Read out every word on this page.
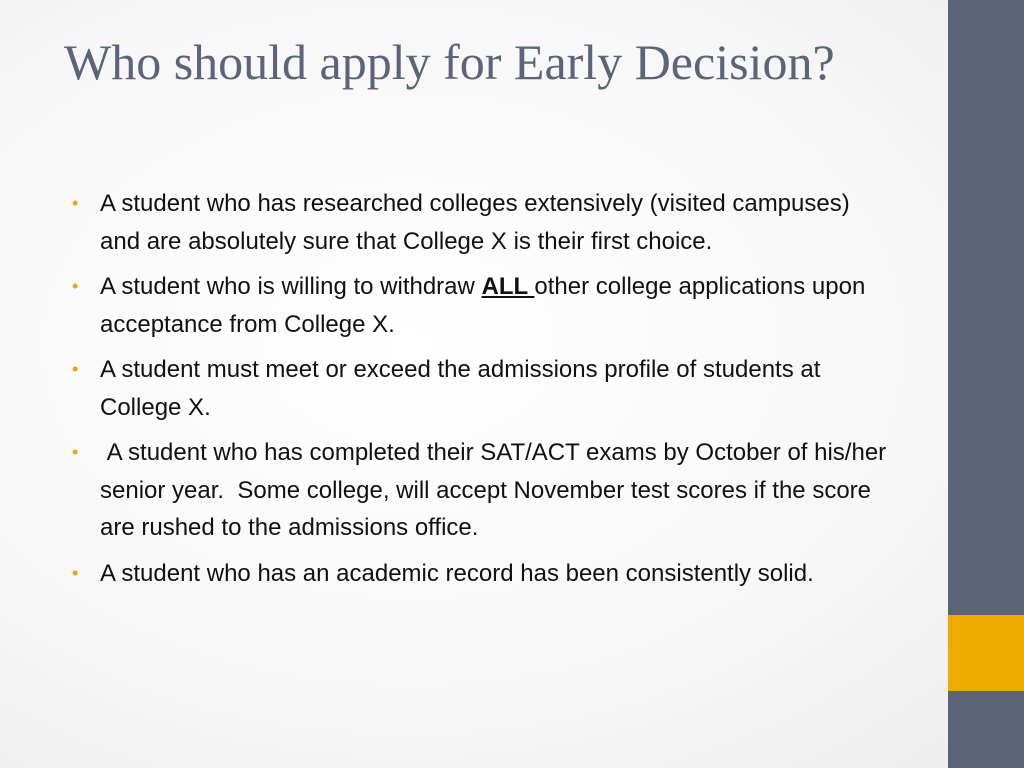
Who should apply for Early Decision?
• A student who has researched colleges extensively (visited campuses) and are absolutely sure that College X is their first choice.
• A student who is willing to withdraw ALL other college applications upon acceptance from College X.
• A student must meet or exceed the admissions profile of students at College X.
• A student who has completed their SAT/ACT exams by October of his/her senior year.  Some college, will accept November test scores if the score are rushed to the admissions office.
• A student who has an academic record has been consistently solid.
